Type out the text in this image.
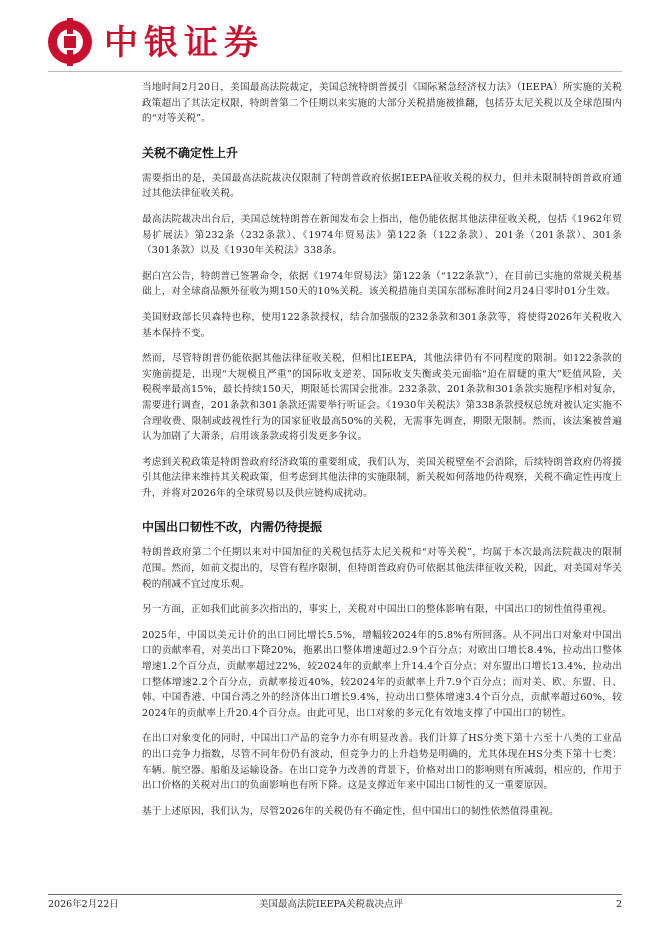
中银证券

当地时间2月20日，美国最高法院裁定，美国总统特朗普援引《国际紧急经济权力法》（IEEPA）所实施的关税政策超出了其法定权限，特朗普第二个任期以来实施的大部分关税措施被推翻，包括芬太尼关税以及全球范围内的“对等关税”。

关税不确定性上升

需要指出的是，美国最高法院裁决仅限制了特朗普政府依据IEEPA征收关税的权力，但并未限制特朗普政府通过其他法律征收关税。

最高法院裁决出台后，美国总统特朗普在新闻发布会上指出，他仍能依据其他法律征收关税，包括《1962年贸易扩展法》第232条（232条款）、《1974年贸易法》第122条（122条款）、201条（201条款）、301条（301条款）以及《1930年关税法》338条。

据白宫公告，特朗普已签署命令，依据《1974年贸易法》第122条（“122条款”），在目前已实施的常规关税基础上，对全球商品额外征收为期150天的10%关税。该关税措施自美国东部标准时间2月24日零时01分生效。

美国财政部长贝森特也称，使用122条款授权，结合加强版的232条款和301条款等，将使得2026年关税收入基本保持不变。

然而，尽管特朗普仍能依据其他法律征收关税，但相比IEEPA，其他法律仍有不同程度的限制。如122条款的实施前提是，出现“大规模且严重”的国际收支逆差、国际收支失衡或美元面临“迫在眉睫的重大”贬值风险，关税税率最高15%，最长持续150天，期限延长需国会批准。232条款、201条款和301条款实施程序相对复杂，需要进行调查，201条款和301条款还需要举行听证会。《1930年关税法》第338条款授权总统对被认定实施不合理收费、限制或歧视性行为的国家征收最高50%的关税，无需事先调查，期限无限制。然而，该法案被普遍认为加剧了大萧条，启用该条款或将引发更多争议。

考虑到关税政策是特朗普政府经济政策的重要组成，我们认为，美国关税壁垒不会消除，后续特朗普政府仍将援引其他法律来维持其关税政策，但考虑到其他法律的实施限制，新关税如何落地仍待观察，关税不确定性再度上升，并将对2026年的全球贸易以及供应链构成扰动。

中国出口韧性不改，内需仍待提振

特朗普政府第二个任期以来对中国加征的关税包括芬太尼关税和“对等关税”，均属于本次最高法院裁决的限制范围。然而，如前文提出的，尽管有程序限制，但特朗普政府仍可依据其他法律征收关税，因此，对美国对华关税的削减不宜过度乐观。

另一方面，正如我们此前多次指出的，事实上，关税对中国出口的整体影响有限，中国出口的韧性值得重视。

2025年，中国以美元计价的出口同比增长5.5%，增幅较2024年的5.8%有所回落。从不同出口对象对中国出口的贡献率看，对美出口下降20%，拖累出口整体增速超过2.9个百分点；对欧出口增长8.4%，拉动出口整体增速1.2个百分点，贡献率超过22%，较2024年的贡献率上升14.4个百分点；对东盟出口增长13.4%，拉动出口整体增速2.2个百分点，贡献率接近40%，较2024年的贡献率上升7.9个百分点；而对美、欧、东盟、日、韩、中国香港、中国台湾之外的经济体出口增长9.4%，拉动出口整体增速3.4个百分点，贡献率超过60%，较2024年的贡献率上升20.4个百分点。由此可见，出口对象的多元化有效地支撑了中国出口的韧性。

在出口对象变化的同时，中国出口产品的竞争力亦有明显改善。我们计算了HS分类下第十六至十八类的工业品的出口竞争力指数，尽管不同年份仍有波动，但竞争力的上升趋势是明确的，尤其体现在HS分类下第十七类：车辆、航空器、船舶及运输设备。在出口竞争力改善的背景下，价格对出口的影响则有所减弱，相应的，作用于出口价格的关税对出口的负面影响也有所下降。这是支撑近年来中国出口韧性的又一重要原因。

基于上述原因，我们认为，尽管2026年的关税仍有不确定性，但中国出口的韧性依然值得重视。

2026年2月22日	美国最高法院IEEPA关税裁决点评	2
